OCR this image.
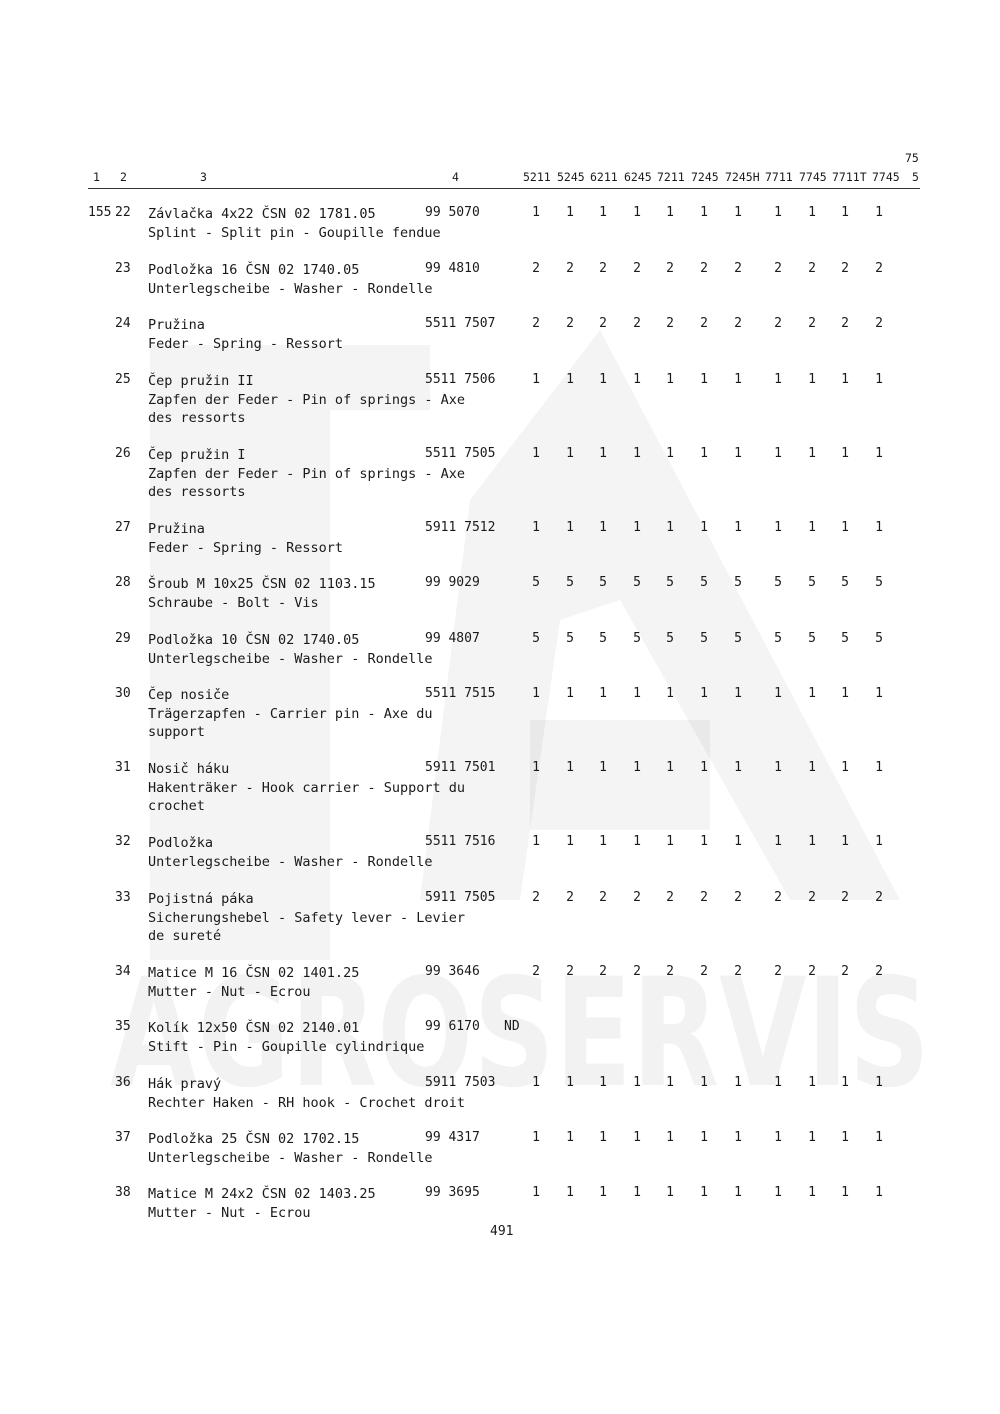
AGROSERVIS
75
1 2	3	4	5211 5245 6211 6245 7211 7245 7245H 7711 7745 7711T 7745 5
155 22 Závlačka 4x22 ČSN 02 1781.05
Splint - Split pin - Goupille fendue
99 5070	1 1 1 1 1 1 1 1 1 1 1
23 Podložka 16 ČSN 02 1740.05
Unterlegscheibe - Washer - Rondelle
99 4810	2 2 2 2 2 2 2 2 2 2 2
24 Pružina
Feder - Spring - Ressort
5511 7507	2 2 2 2 2 2 2 2 2 2 2
25 Čep pružin II
Zapfen der Feder - Pin of springs - Axe
des ressorts
5511 7506	1 1 1 1 1 1 1 1 1 1 1
26 Čep pružin I
Zapfen der Feder - Pin of springs - Axe
des ressorts
5511 7505	1 1 1 1 1 1 1 1 1 1 1
27 Pružina
Feder - Spring - Ressort
5911 7512	1 1 1 1 1 1 1 1 1 1 1
28 Šroub M 10x25 ČSN 02 1103.15
Schraube - Bolt - Vis
99 9029	5 5 5 5 5 5 5 5 5 5 5
29 Podložka 10 ČSN 02 1740.05
Unterlegscheibe - Washer - Rondelle
99 4807	5 5 5 5 5 5 5 5 5 5 5
30 Čep nosiče
Trägerzapfen - Carrier pin - Axe du
support
5511 7515	1 1 1 1 1 1 1 1 1 1 1
31 Nosič háku
Hakenträker - Hook carrier - Support du
crochet
5911 7501	1 1 1 1 1 1 1 1 1 1 1
32 Podložka
Unterlegscheibe - Washer - Rondelle
5511 7516	1 1 1 1 1 1 1 1 1 1 1
33 Pojistná páka
Sicherungshebel - Safety lever - Levier
de sureté
5911 7505	2 2 2 2 2 2 2 2 2 2 2
34 Matice M 16 ČSN 02 1401.25
Mutter - Nut - Ecrou
99 3646	2 2 2 2 2 2 2 2 2 2 2
35 Kolík 12x50 ČSN 02 2140.01
Stift - Pin - Goupille cylindrique
99 6170 ND
36 Hák pravý
Rechter Haken - RH hook - Crochet droit
5911 7503	1 1 1 1 1 1 1 1 1 1 1
37 Podložka 25 ČSN 02 1702.15
Unterlegscheibe - Washer - Rondelle
99 4317	1 1 1 1 1 1 1 1 1 1 1
38 Matice M 24x2 ČSN 02 1403.25
Mutter - Nut - Ecrou
99 3695	1 1 1 1 1 1 1 1 1 1 1
491
